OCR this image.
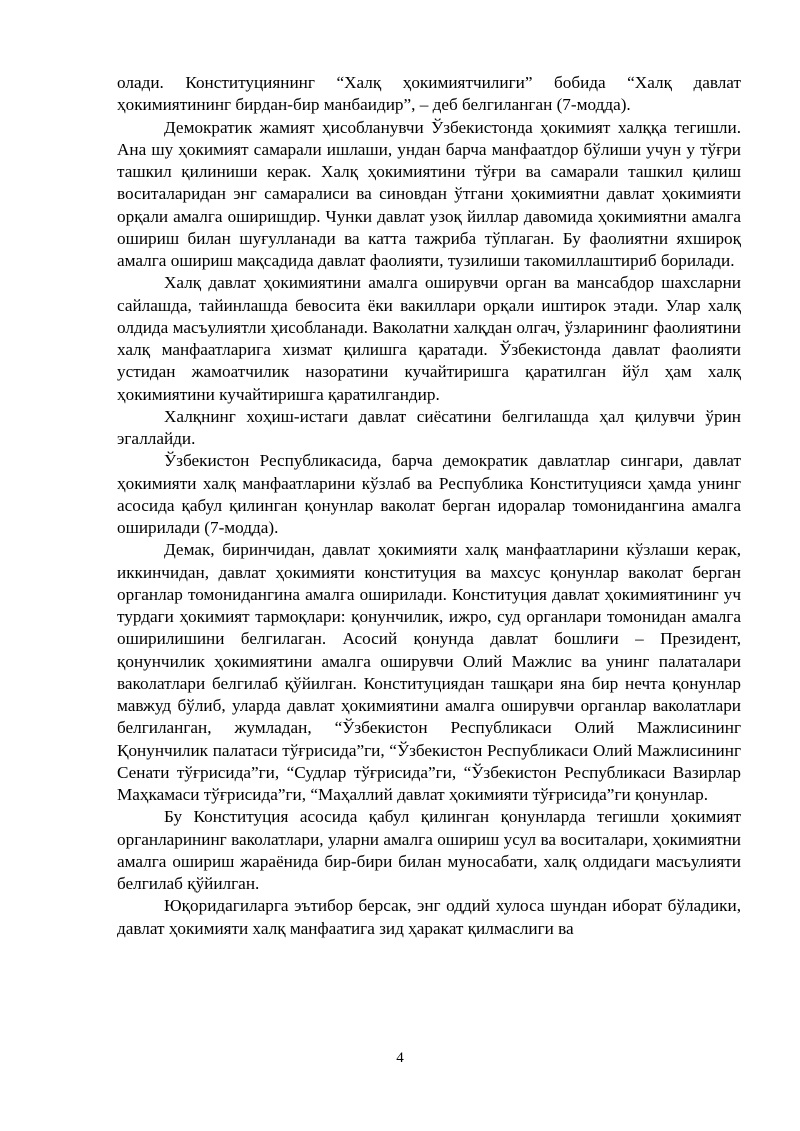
олади. Конституциянинг “Халқ ҳокимиятчилиги” бобида “Халқ давлат ҳокимиятининг бирдан-бир манбаидир”, – деб белгиланган (7-модда).

Демократик жамият ҳисобланувчи Ўзбекистонда ҳокимият халққа тегишли. Ана шу ҳокимият самарали ишлаши, ундан барча манфаатдор бўлиши учун у тўғри ташкил қилиниши керак. Халқ ҳокимиятини тўғри ва самарали ташкил қилиш воситаларидан энг самаралиси ва синовдан ўтгани ҳокимиятни давлат ҳокимияти орқали амалга оширишдир. Чунки давлат узоқ йиллар давомида ҳокимиятни амалга ошириш билан шуғулланади ва катта тажриба тўплаган. Бу фаолиятни яхшироқ амалга ошириш мақсадида давлат фаолияти, тузилиши такомиллаштириб борилади.

Халқ давлат ҳокимиятини амалга оширувчи орган ва мансабдор шахсларни сайлашда, тайинлашда бевосита ёки вакиллари орқали иштирок этади. Улар халқ олдида масъулиятли ҳисобланади. Ваколатни халқдан олгач, ўзларининг фаолиятини халқ манфаатларига хизмат қилишга қаратади. Ўзбекистонда давлат фаолияти устидан жамоатчилик назоратини кучайтиришга қаратилган йўл ҳам халқ ҳокимиятини кучайтиришга қаратилгандир.

Халқнинг хоҳиш-истаги давлат сиёсатини белгилашда ҳал қилувчи ўрин эгаллайди.

Ўзбекистон Республикасида, барча демократик давлатлар сингари, давлат ҳокимияти халқ манфаатларини кўзлаб ва Республика Конституцияси ҳамда унинг асосида қабул қилинган қонунлар ваколат берган идоралар томонидангина амалга оширилади (7-модда).

Демак, биринчидан, давлат ҳокимияти халқ манфаатларини кўзлаши керак, иккинчидан, давлат ҳокимияти конституция ва махсус қонунлар ваколат берган органлар томонидангина амалга оширилади. Конституция давлат ҳокимиятининг уч турдаги ҳокимият тармоқлари: қонунчилик, ижро, суд органлари томонидан амалга оширилишини белгилаган. Асосий қонунда давлат бошлиғи – Президент, қонунчилик ҳокимиятини амалга оширувчи Олий Мажлис ва унинг палаталари ваколатлари белгилаб қўйилган. Конституциядан ташқари яна бир нечта қонунлар мавжуд бўлиб, уларда давлат ҳокимиятини амалга оширувчи органлар ваколатлари белгиланган, жумладан, “Ўзбекистон Республикаси Олий Мажлисининг Қонунчилик палатаси тўғрисида”ги, “Ўзбекистон Республикаси Олий Мажлисининг Сенати тўғрисида”ги, “Судлар тўғрисида”ги, “Ўзбекистон Республикаси Вазирлар Маҳкамаси тўғрисида”ги, “Маҳаллий давлат ҳокимияти тўғрисида”ги қонунлар.

Бу Конституция асосида қабул қилинган қонунларда тегишли ҳокимият органларининг ваколатлари, уларни амалга ошириш усул ва воситалари, ҳокимиятни амалга ошириш жараёнида бир-бири билан муносабати, халқ олдидаги масъулияти белгилаб қўйилган.

Юқоридагиларга эътибор берсак, энг оддий хулоса шундан иборат бўладики, давлат ҳокимияти халқ манфаатига зид ҳаракат қилмаслиги ва

4
